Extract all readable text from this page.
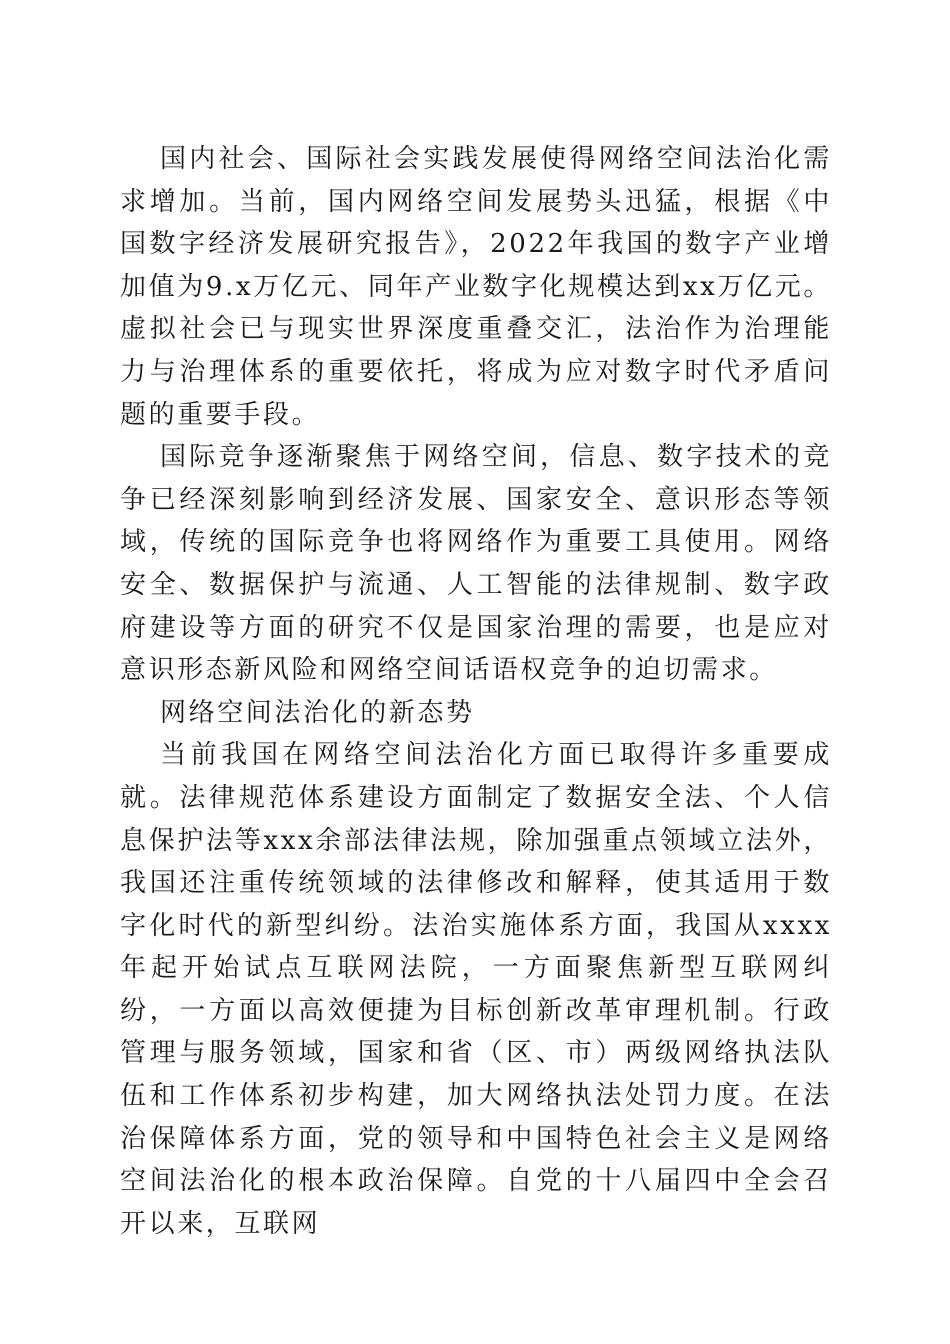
国内社会、国际社会实践发展使得网络空间法治化需求增加。当前，国内网络空间发展势头迅猛，根据《中国数字经济发展研究报告》，2022年我国的数字产业增加值为9.x万亿元、同年产业数字化规模达到xx万亿元。虚拟社会已与现实世界深度重叠交汇，法治作为治理能力与治理体系的重要依托，将成为应对数字时代矛盾问题的重要手段。

国际竞争逐渐聚焦于网络空间，信息、数字技术的竞争已经深刻影响到经济发展、国家安全、意识形态等领域，传统的国际竞争也将网络作为重要工具使用。网络安全、数据保护与流通、人工智能的法律规制、数字政府建设等方面的研究不仅是国家治理的需要，也是应对意识形态新风险和网络空间话语权竞争的迫切需求。

网络空间法治化的新态势

当前我国在网络空间法治化方面已取得许多重要成就。法律规范体系建设方面制定了数据安全法、个人信息保护法等xxx余部法律法规，除加强重点领域立法外，我国还注重传统领域的法律修改和解释，使其适用于数字化时代的新型纠纷。法治实施体系方面，我国从xxxx年起开始试点互联网法院，一方面聚焦新型互联网纠纷，一方面以高效便捷为目标创新改革审理机制。行政管理与服务领域，国家和省（区、市）两级网络执法队伍和工作体系初步构建，加大网络执法处罚力度。在法治保障体系方面，党的领导和中国特色社会主义是网络空间法治化的根本政治保障。自党的十八届四中全会召开以来，互联网
